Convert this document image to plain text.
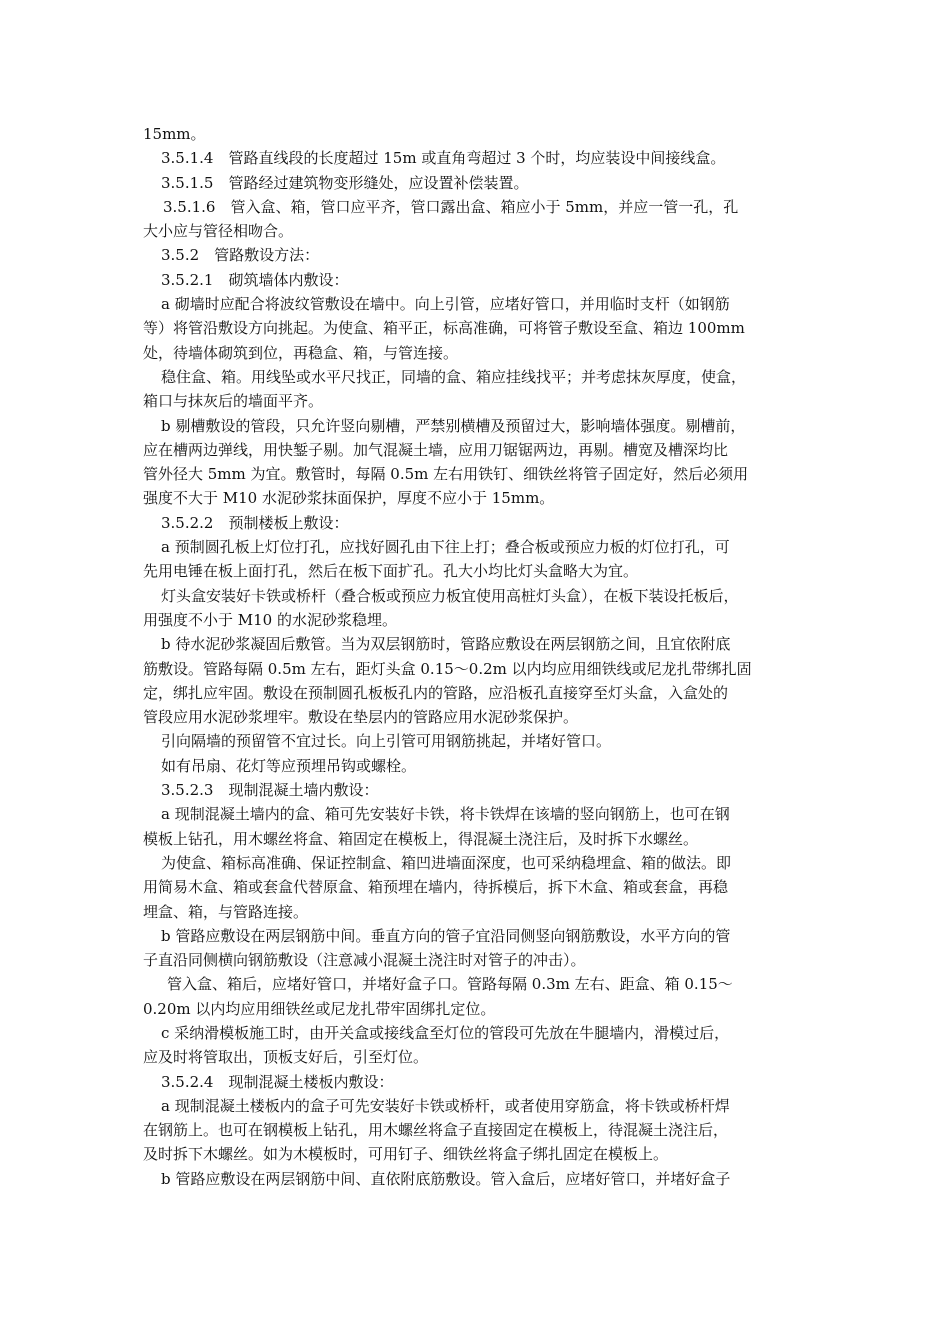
15mm。
3.5.1.4　管路直线段的长度超过 15m 或直角弯超过 3 个时，均应装设中间接线盒。
3.5.1.5　管路经过建筑物变形缝处，应设置补偿装置。
3.5.1.6　管入盒、箱，管口应平齐，管口露出盒、箱应小于 5mm，并应一管一孔，孔
大小应与管径相吻合。
3.5.2　管路敷设方法：
3.5.2.1　砌筑墙体内敷设：
a 砌墙时应配合将波纹管敷设在墙中。向上引管，应堵好管口，并用临时支杆（如钢筋
等）将管沿敷设方向挑起。为使盒、箱平正，标高准确，可将管子敷设至盒、箱边 100mm
处，待墙体砌筑到位，再稳盒、箱，与管连接。
稳住盒、箱。用线坠或水平尺找正，同墙的盒、箱应挂线找平；并考虑抹灰厚度，使盒，
箱口与抹灰后的墙面平齐。
b 剔槽敷设的管段，只允许竖向剔槽，严禁别横槽及预留过大，影响墙体强度。剔槽前，
应在槽两边弹线，用快錾子剔。加气混凝土墙，应用刀锯锯两边，再剔。槽宽及槽深均比
管外径大 5mm 为宜。敷管时，每隔 0.5m 左右用铁钉、细铁丝将管子固定好，然后必须用
强度不大于 M10 水泥砂浆抹面保护，厚度不应小于 15mm。
3.5.2.2　预制楼板上敷设：
a 预制圆孔板上灯位打孔，应找好圆孔由下往上打；叠合板或预应力板的灯位打孔，可
先用电锤在板上面打孔，然后在板下面扩孔。孔大小均比灯头盒略大为宜。
灯头盒安装好卡铁或桥杆（叠合板或预应力板宜使用高桩灯头盒），在板下装设托板后，
用强度不小于 M10 的水泥砂浆稳埋。
b 待水泥砂浆凝固后敷管。当为双层钢筋时，管路应敷设在两层钢筋之间，且宜依附底
筋敷设。管路每隔 0.5m 左右，距灯头盒 0.15～0.2m 以内均应用细铁线或尼龙扎带绑扎固
定，绑扎应牢固。敷设在预制圆孔板板孔内的管路，应沿板孔直接穿至灯头盒，入盒处的
管段应用水泥砂浆埋牢。敷设在垫层内的管路应用水泥砂浆保护。
引向隔墙的预留管不宜过长。向上引管可用钢筋挑起，并堵好管口。
如有吊扇、花灯等应预埋吊钩或螺栓。
3.5.2.3　现制混凝土墙内敷设：
a 现制混凝土墙内的盒、箱可先安装好卡铁，将卡铁焊在该墙的竖向钢筋上，也可在钢
模板上钻孔，用木螺丝将盒、箱固定在模板上，得混凝土浇注后，及时拆下水螺丝。
为使盒、箱标高准确、保证控制盒、箱凹进墙面深度，也可采纳稳埋盒、箱的做法。即
用简易木盒、箱或套盒代替原盒、箱预埋在墙内，待拆模后，拆下木盒、箱或套盒，再稳
埋盒、箱，与管路连接。
b 管路应敷设在两层钢筋中间。垂直方向的管子宜沿同侧竖向钢筋敷设，水平方向的管
子直沿同侧横向钢筋敷设（注意减小混凝土浇注时对管子的冲击）。
管入盒、箱后，应堵好管口，并堵好盒子口。管路每隔 0.3m 左右、距盒、箱 0.15～
0.20m 以内均应用细铁丝或尼龙扎带牢固绑扎定位。
c 采纳滑模板施工时，由开关盒或接线盒至灯位的管段可先放在牛腿墙内，滑模过后，
应及时将管取出，顶板支好后，引至灯位。
3.5.2.4　现制混凝土楼板内敷设：
a 现制混凝土楼板内的盒子可先安装好卡铁或桥杆，或者使用穿筋盒，将卡铁或桥杆焊
在钢筋上。也可在钢模板上钻孔，用木螺丝将盒子直接固定在模板上，待混凝土浇注后，
及时拆下木螺丝。如为木模板时，可用钉子、细铁丝将盒子绑扎固定在模板上。
b 管路应敷设在两层钢筋中间、直依附底筋敷设。管入盒后，应堵好管口，并堵好盒子
